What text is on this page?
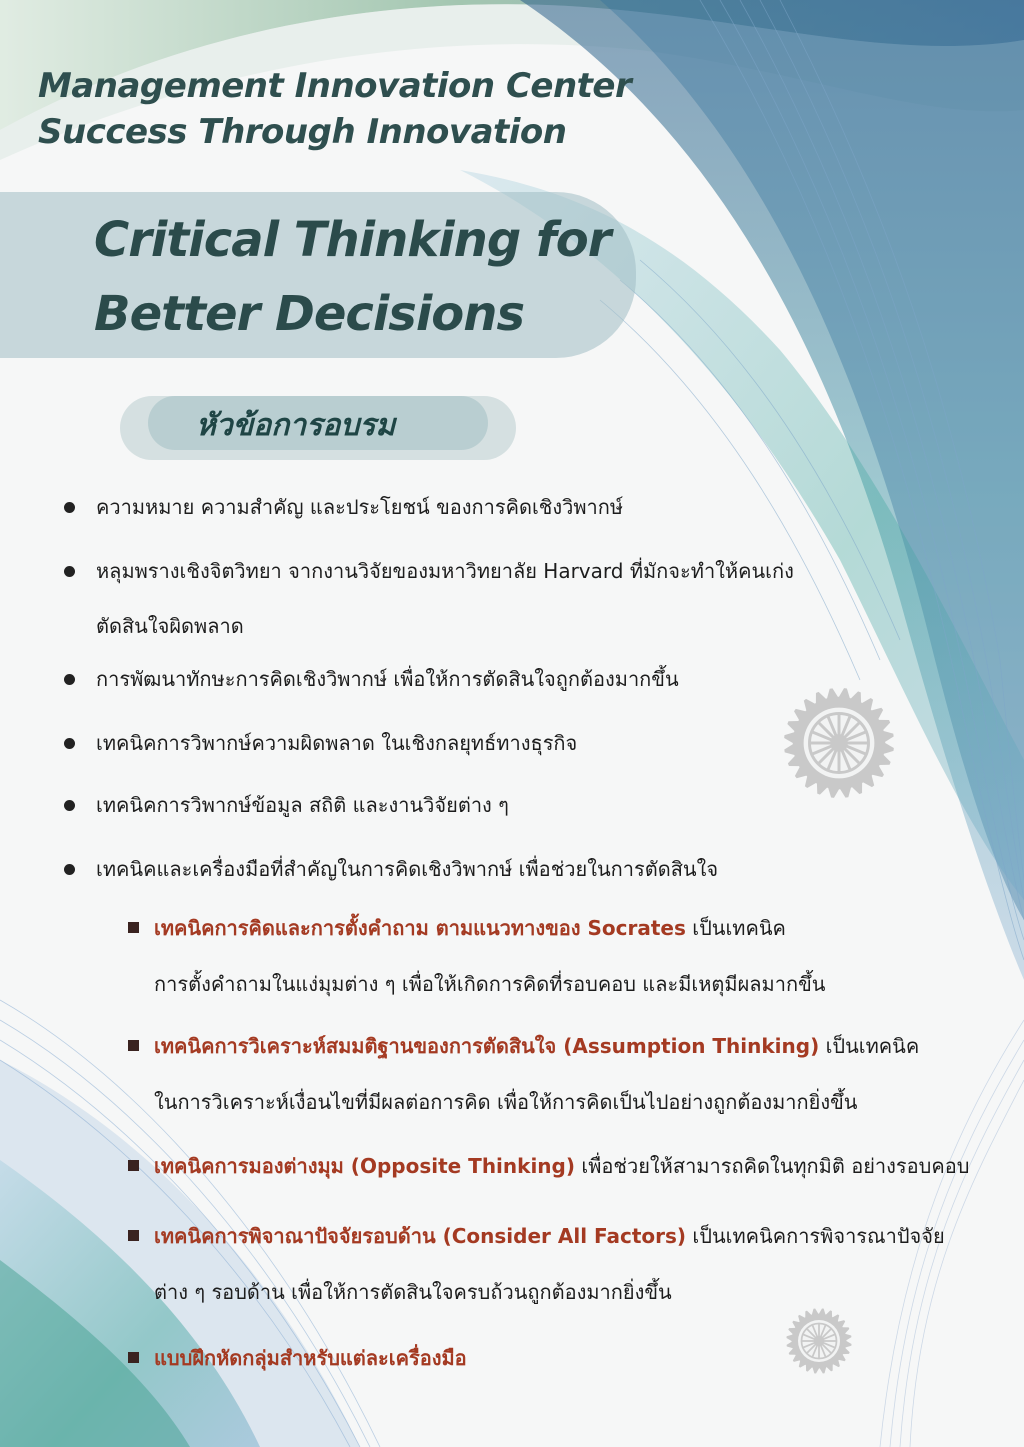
Management Innovation Center
Success Through Innovation
Critical Thinking for
Better Decisions
หัวข้อการอบรม
ความหมาย ความสำคัญ และประโยชน์ ของการคิดเชิงวิพากษ์
หลุมพรางเชิงจิตวิทยา จากงานวิจัยของมหาวิทยาลัย Harvard ที่มักจะทำให้คนเก่ง
ตัดสินใจผิดพลาด
การพัฒนาทักษะการคิดเชิงวิพากษ์ เพื่อให้การตัดสินใจถูกต้องมากขึ้น
เทคนิคการวิพากษ์ความผิดพลาด ในเชิงกลยุทธ์ทางธุรกิจ
เทคนิคการวิพากษ์ข้อมูล สถิติ และงานวิจัยต่าง ๆ
เทคนิคและเครื่องมือที่สำคัญในการคิดเชิงวิพากษ์ เพื่อช่วยในการตัดสินใจ
เทคนิคการคิดและการตั้งคำถาม ตามแนวทางของ Socrates เป็นเทคนิค
การตั้งคำถามในแง่มุมต่าง ๆ เพื่อให้เกิดการคิดที่รอบคอบ และมีเหตุมีผลมากขึ้น
เทคนิคการวิเคราะห์สมมติฐานของการตัดสินใจ (Assumption Thinking) เป็นเทคนิค
ในการวิเคราะห์เงื่อนไขที่มีผลต่อการคิด เพื่อให้การคิดเป็นไปอย่างถูกต้องมากยิ่งขึ้น
เทคนิคการมองต่างมุม (Opposite Thinking) เพื่อช่วยให้สามารถคิดในทุกมิติ อย่างรอบคอบ
เทคนิคการพิจาณาปัจจัยรอบด้าน (Consider All Factors) เป็นเทคนิคการพิจารณาปัจจัย
ต่าง ๆ รอบด้าน เพื่อให้การตัดสินใจครบถ้วนถูกต้องมากยิ่งขึ้น
แบบฝึกหัดกลุ่มสำหรับแต่ละเครื่องมือ
